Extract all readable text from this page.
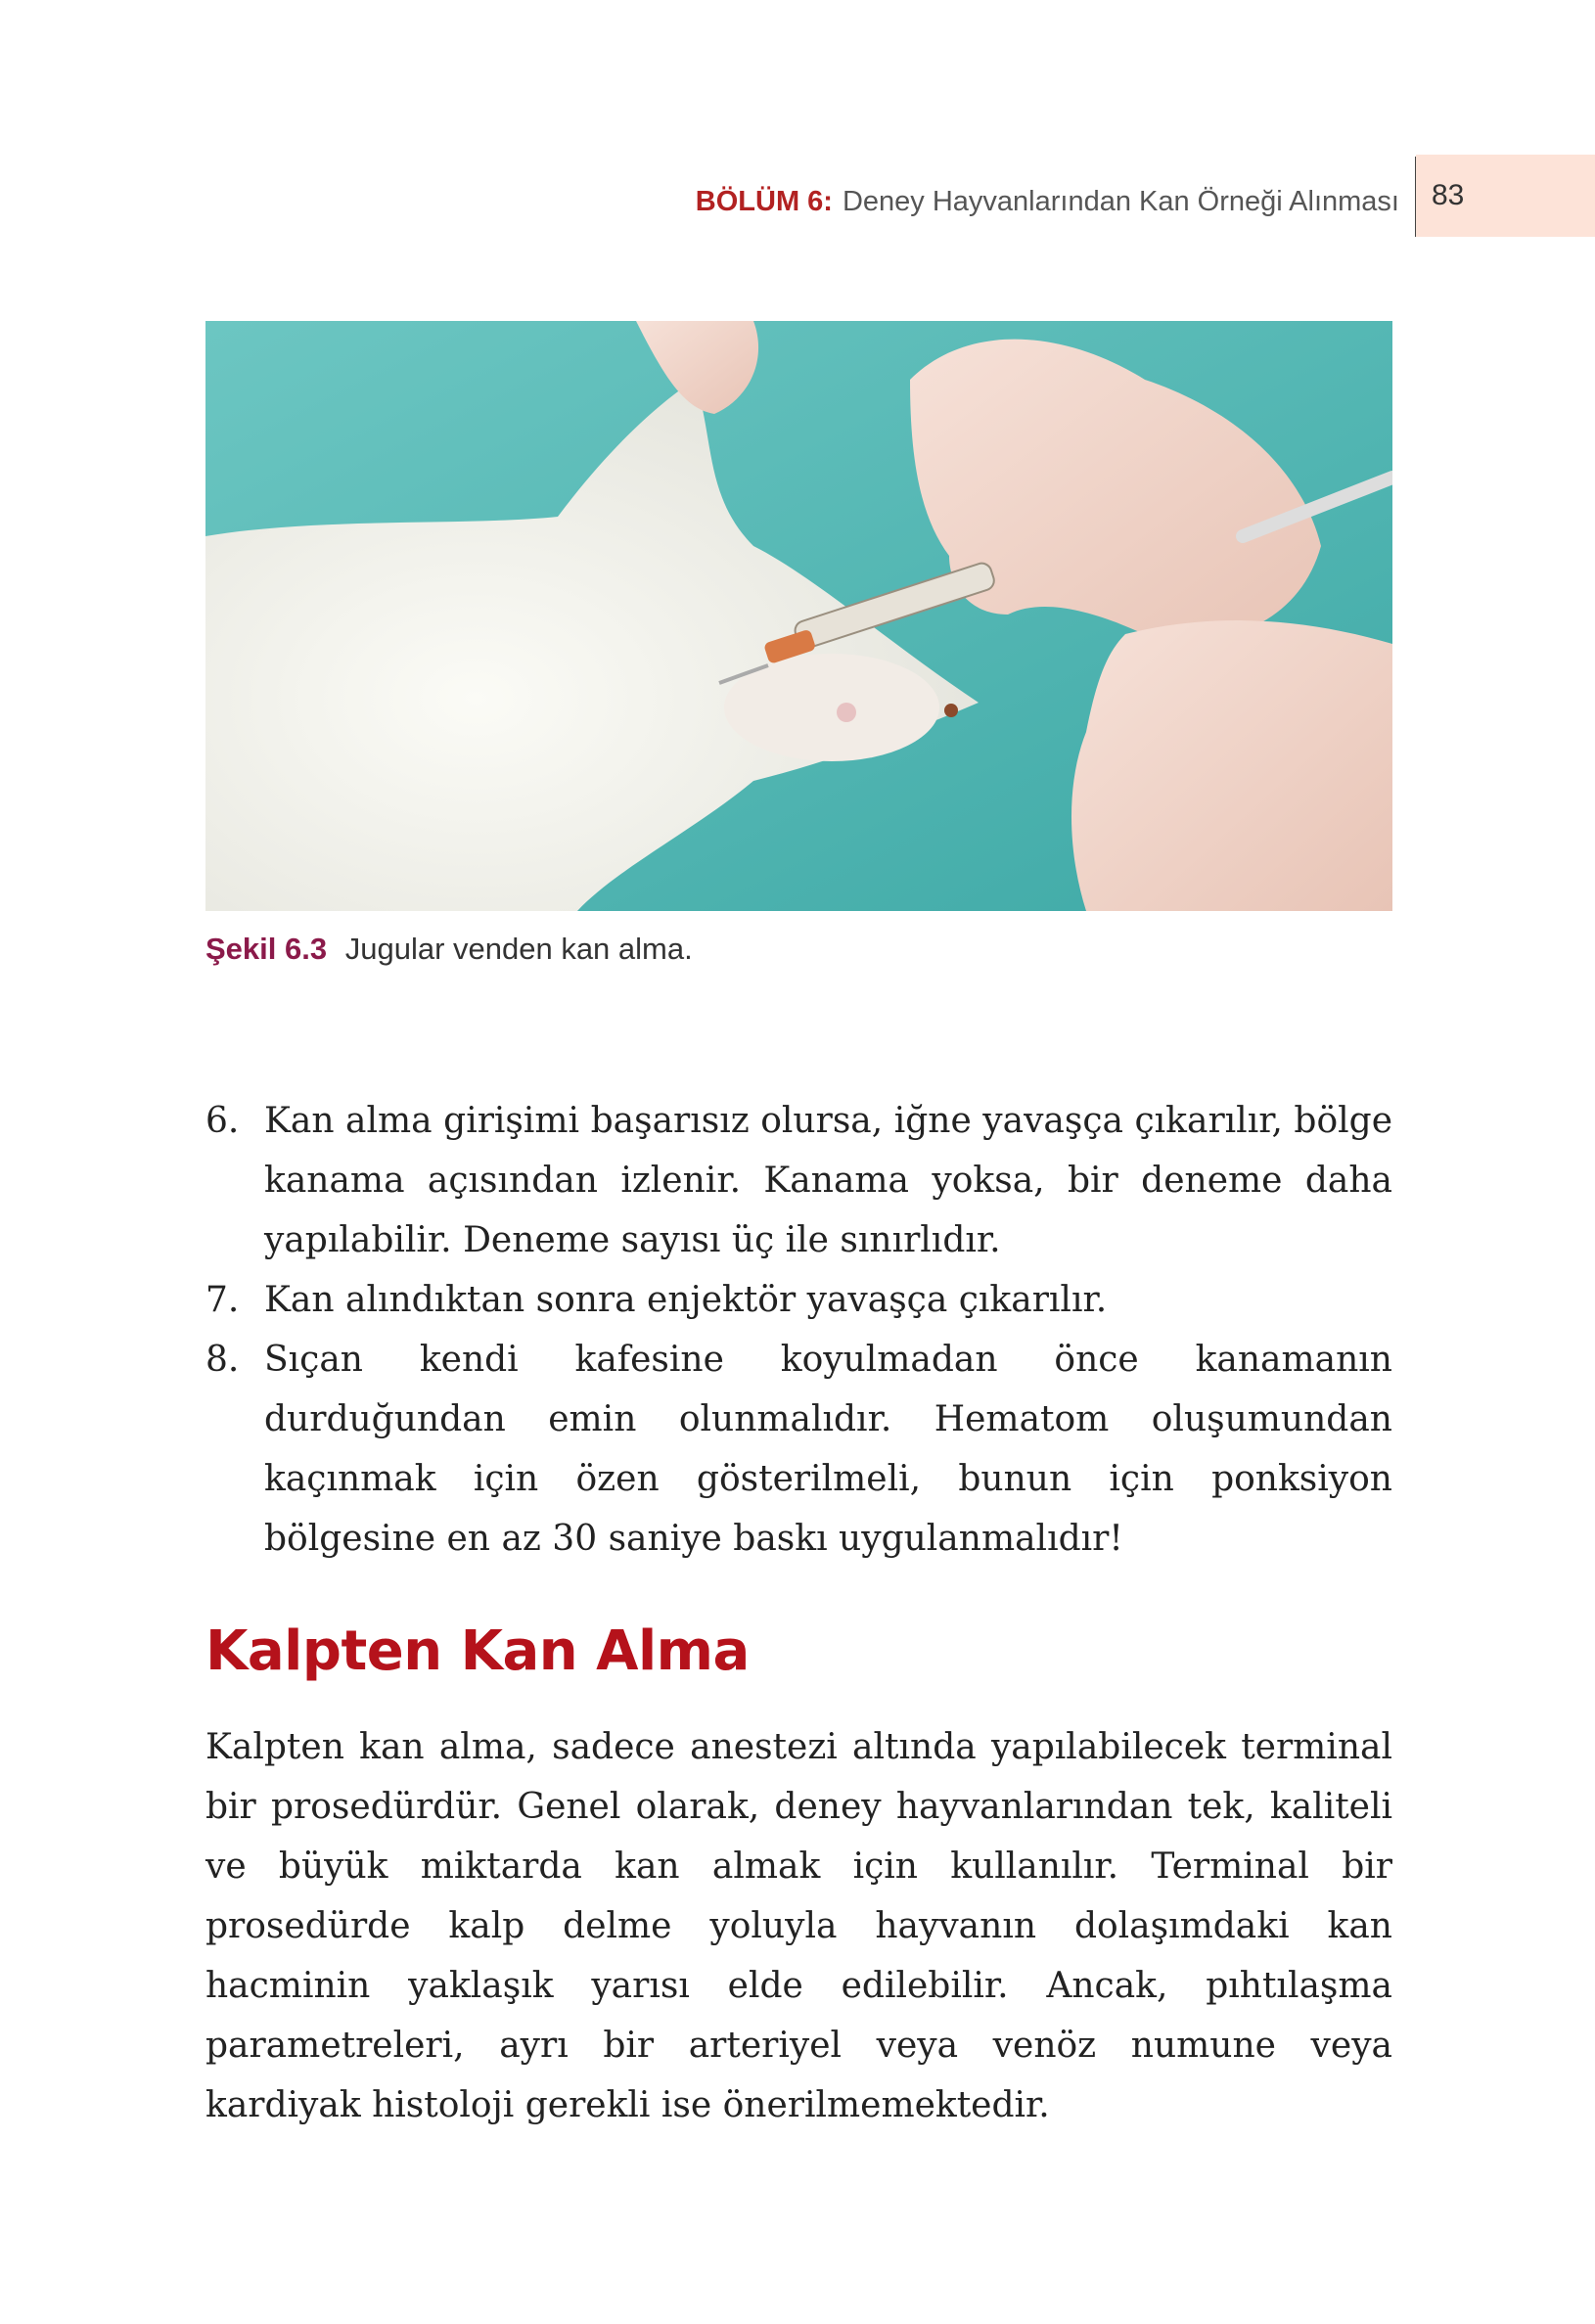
BÖLÜM 6: Deney Hayvanlarından Kan Örneği Alınması 83
Şekil 6.3 Jugular venden kan alma.
6. Kan alma girişimi başarısız olursa, iğne yavaşça çıkarılır, bölge kanama açısından izlenir. Kanama yoksa, bir deneme daha yapılabilir. Deneme sayısı üç ile sınırlıdır.
7. Kan alındıktan sonra enjektör yavaşça çıkarılır.
8. Sıçan kendi kafesine koyulmadan önce kanamanın durduğundan emin olunmalıdır. Hematom oluşumundan kaçınmak için özen gösterilmeli, bunun için ponksiyon bölgesine en az 30 saniye baskı uygulanmalıdır!
Kalpten Kan Alma
Kalpten kan alma, sadece anestezi altında yapılabilecek terminal bir prosedürdür. Genel olarak, deney hayvanlarından tek, kaliteli ve büyük miktarda kan almak için kullanılır. Terminal bir prosedürde kalp delme yoluyla hayvanın dolaşımdaki kan hacminin yaklaşık yarısı elde edilebilir. Ancak, pıhtılaşma parametreleri, ayrı bir arteriyel veya venöz numune veya kardiyak histoloji gerekli ise önerilmemektedir.
